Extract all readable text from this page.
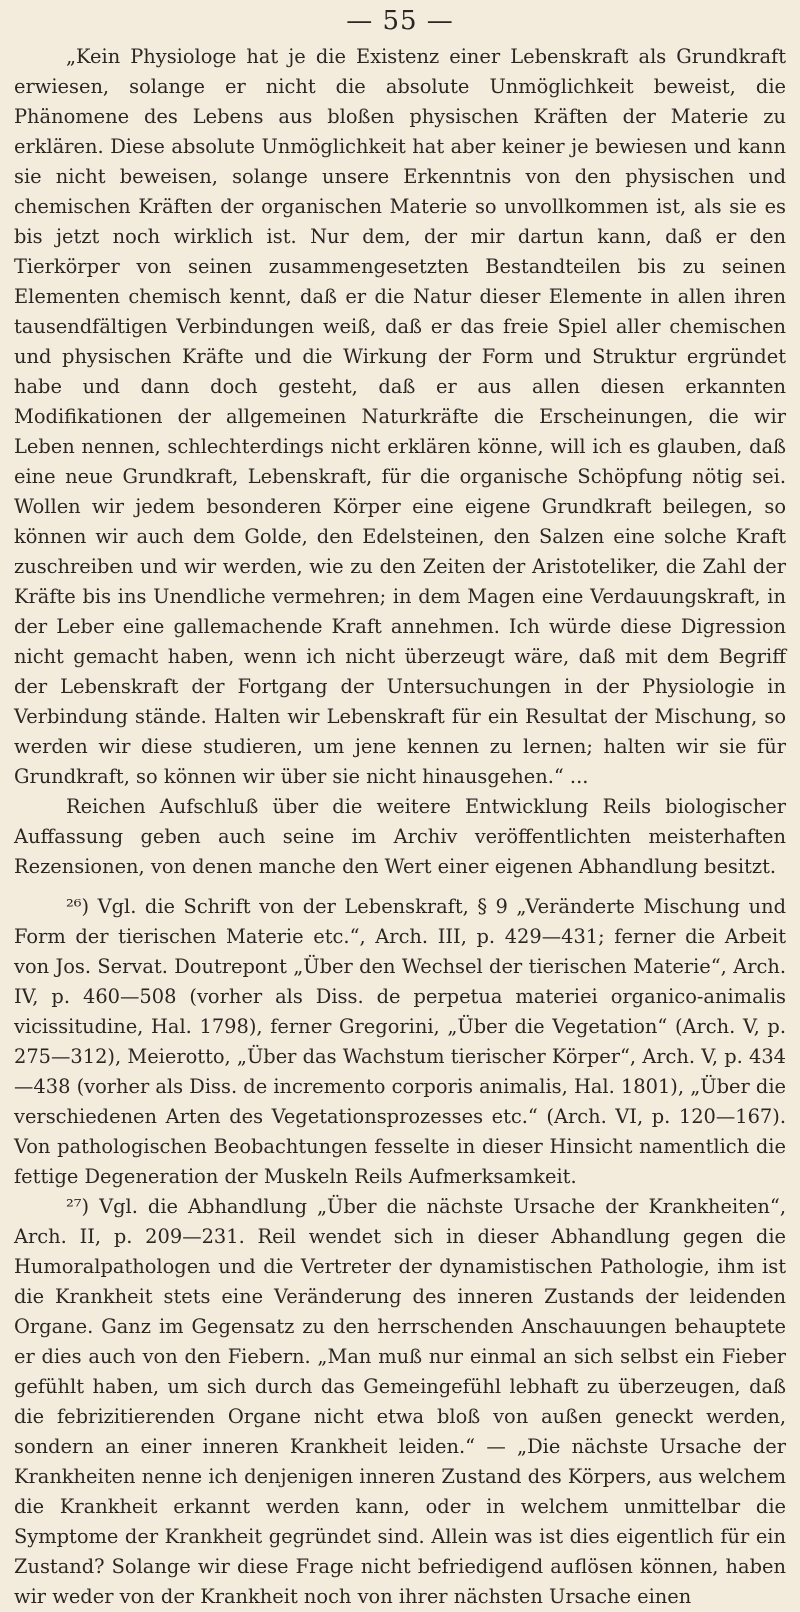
— 55 —

„Kein Physiologe hat je die Existenz einer Lebenskraft als Grundkraft erwiesen, solange er nicht die absolute Unmöglichkeit beweist, die Phänomene des Lebens aus bloßen physischen Kräften der Materie zu erklären. Diese absolute Unmöglichkeit hat aber keiner je bewiesen und kann sie nicht beweisen, solange unsere Erkenntnis von den physischen und chemischen Kräften der organischen Materie so unvollkommen ist, als sie es bis jetzt noch wirklich ist. Nur dem, der mir dartun kann, daß er den Tierkörper von seinen zusammengesetzten Bestandteilen bis zu seinen Elementen chemisch kennt, daß er die Natur dieser Elemente in allen ihren tausendfältigen Verbindungen weiß, daß er das freie Spiel aller chemischen und physischen Kräfte und die Wirkung der Form und Struktur ergründet habe und dann doch gesteht, daß er aus allen diesen erkannten Modifikationen der allgemeinen Naturkräfte die Erscheinungen, die wir Leben nennen, schlechterdings nicht erklären könne, will ich es glauben, daß eine neue Grundkraft, Lebenskraft, für die organische Schöpfung nötig sei. Wollen wir jedem besonderen Körper eine eigene Grundkraft beilegen, so können wir auch dem Golde, den Edelsteinen, den Salzen eine solche Kraft zuschreiben und wir werden, wie zu den Zeiten der Aristoteliker, die Zahl der Kräfte bis ins Unendliche vermehren; in dem Magen eine Verdauungskraft, in der Leber eine gallemachende Kraft annehmen. Ich würde diese Digression nicht gemacht haben, wenn ich nicht überzeugt wäre, daß mit dem Begriff der Lebenskraft der Fortgang der Untersuchungen in der Physiologie in Verbindung stände. Halten wir Lebenskraft für ein Resultat der Mischung, so werden wir diese studieren, um jene kennen zu lernen; halten wir sie für Grundkraft, so können wir über sie nicht hinausgehen.“ ...

Reichen Aufschluß über die weitere Entwicklung Reils biologischer Auffassung geben auch seine im Archiv veröffentlichten meisterhaften Rezensionen, von denen manche den Wert einer eigenen Abhandlung besitzt.

²⁶) Vgl. die Schrift von der Lebenskraft, § 9 „Veränderte Mischung und Form der tierischen Materie etc.“, Arch. III, p. 429—431; ferner die Arbeit von Jos. Servat. Doutrepont „Über den Wechsel der tierischen Materie“, Arch. IV, p. 460—508 (vorher als Diss. de perpetua materiei organico-animalis vicissitudine, Hal. 1798), ferner Gregorini, „Über die Vegetation“ (Arch. V, p. 275—312), Meierotto, „Über das Wachstum tierischer Körper“, Arch. V, p. 434—438 (vorher als Diss. de incremento corporis animalis, Hal. 1801), „Über die verschiedenen Arten des Vegetationsprozesses etc.“ (Arch. VI, p. 120—167). Von pathologischen Beobachtungen fesselte in dieser Hinsicht namentlich die fettige Degeneration der Muskeln Reils Aufmerksamkeit.

²⁷) Vgl. die Abhandlung „Über die nächste Ursache der Krankheiten“, Arch. II, p. 209—231. Reil wendet sich in dieser Abhandlung gegen die Humoralpathologen und die Vertreter der dynamistischen Pathologie, ihm ist die Krankheit stets eine Veränderung des inneren Zustands der leidenden Organe. Ganz im Gegensatz zu den herrschenden Anschauungen behauptete er dies auch von den Fiebern. „Man muß nur einmal an sich selbst ein Fieber gefühlt haben, um sich durch das Gemeingefühl lebhaft zu überzeugen, daß die febrizitierenden Organe nicht etwa bloß von außen geneckt werden, sondern an einer inneren Krankheit leiden.“ — „Die nächste Ursache der Krankheiten nenne ich denjenigen inneren Zustand des Körpers, aus welchem die Krankheit erkannt werden kann, oder in welchem unmittelbar die Symptome der Krankheit gegründet sind. Allein was ist dies eigentlich für ein Zustand? Solange wir diese Frage nicht befriedigend auflösen können, haben wir weder von der Krankheit noch von ihrer nächsten Ursache einen
